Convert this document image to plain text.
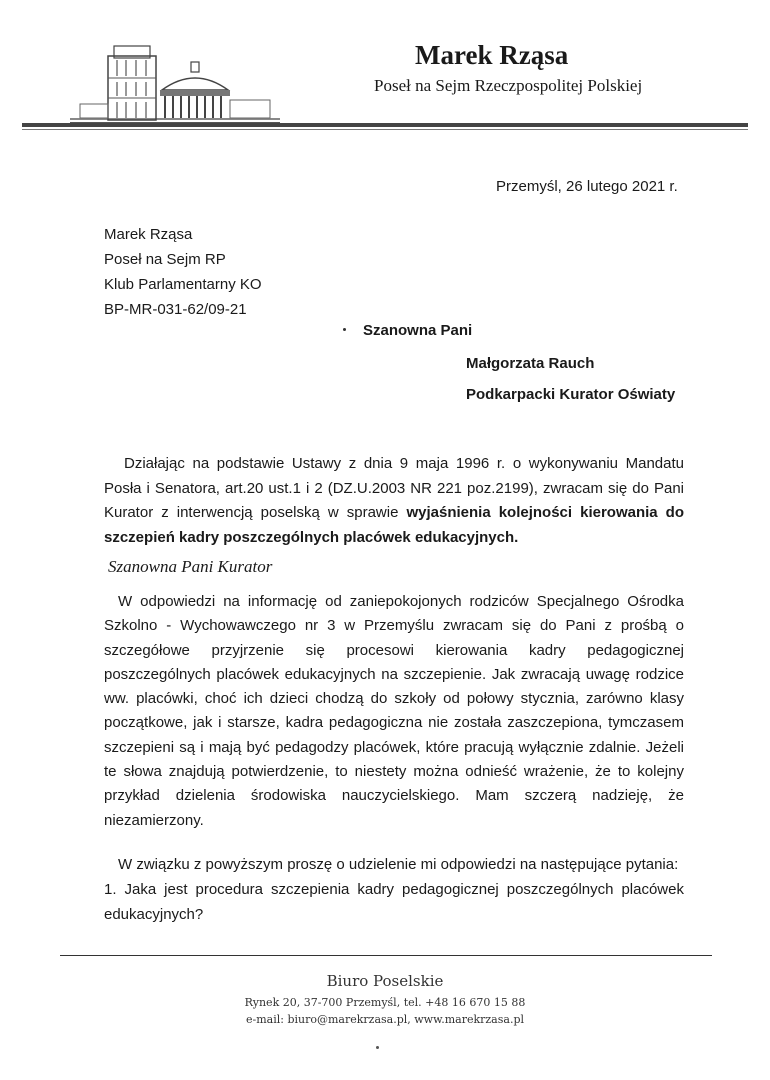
Marek Rząsa
Poseł na Sejm Rzeczpospolitej Polskiej
Przemyśl, 26 lutego 2021 r.
Marek Rząsa
Poseł na Sejm RP
Klub Parlamentarny KO
BP-MR-031-62/09-21
Szanowna Pani
Małgorzata Rauch
Podkarpacki Kurator Oświaty
Działając na podstawie Ustawy z dnia 9 maja 1996 r. o wykonywaniu Mandatu Posła i Senatora, art.20 ust.1 i 2 (DZ.U.2003 NR 221 poz.2199), zwracam się do Pani Kurator z interwencją poselską w sprawie wyjaśnienia kolejności kierowania do szczepień kadry poszczególnych placówek edukacyjnych.
Szanowna Pani Kurator
W odpowiedzi na informację od zaniepokojonych rodziców Specjalnego Ośrodka Szkolno - Wychowawczego nr 3 w Przemyślu zwracam się do Pani z prośbą o szczegółowe przyjrzenie się procesowi kierowania kadry pedagogicznej poszczególnych placówek edukacyjnych na szczepienie. Jak zwracają uwagę rodzice ww. placówki, choć ich dzieci chodzą do szkoły od połowy stycznia, zarówno klasy początkowe, jak i starsze, kadra pedagogiczna nie została zaszczepiona, tymczasem szczepieni są i mają być pedagodzy placówek, które pracują wyłącznie zdalnie. Jeżeli te słowa znajdują potwierdzenie, to niestety można odnieść wrażenie, że to kolejny przykład dzielenia środowiska nauczycielskiego. Mam szczerą nadzieję, że niezamierzony.
W związku z powyższym proszę o udzielenie mi odpowiedzi na następujące pytania:
1. Jaka jest procedura szczepienia kadry pedagogicznej poszczególnych placówek edukacyjnych?
Biuro Poselskie
Rynek 20, 37-700 Przemyśl, tel. +48 16 670 15 88
e-mail: biuro@marekrzasa.pl, www.marekrzasa.pl
